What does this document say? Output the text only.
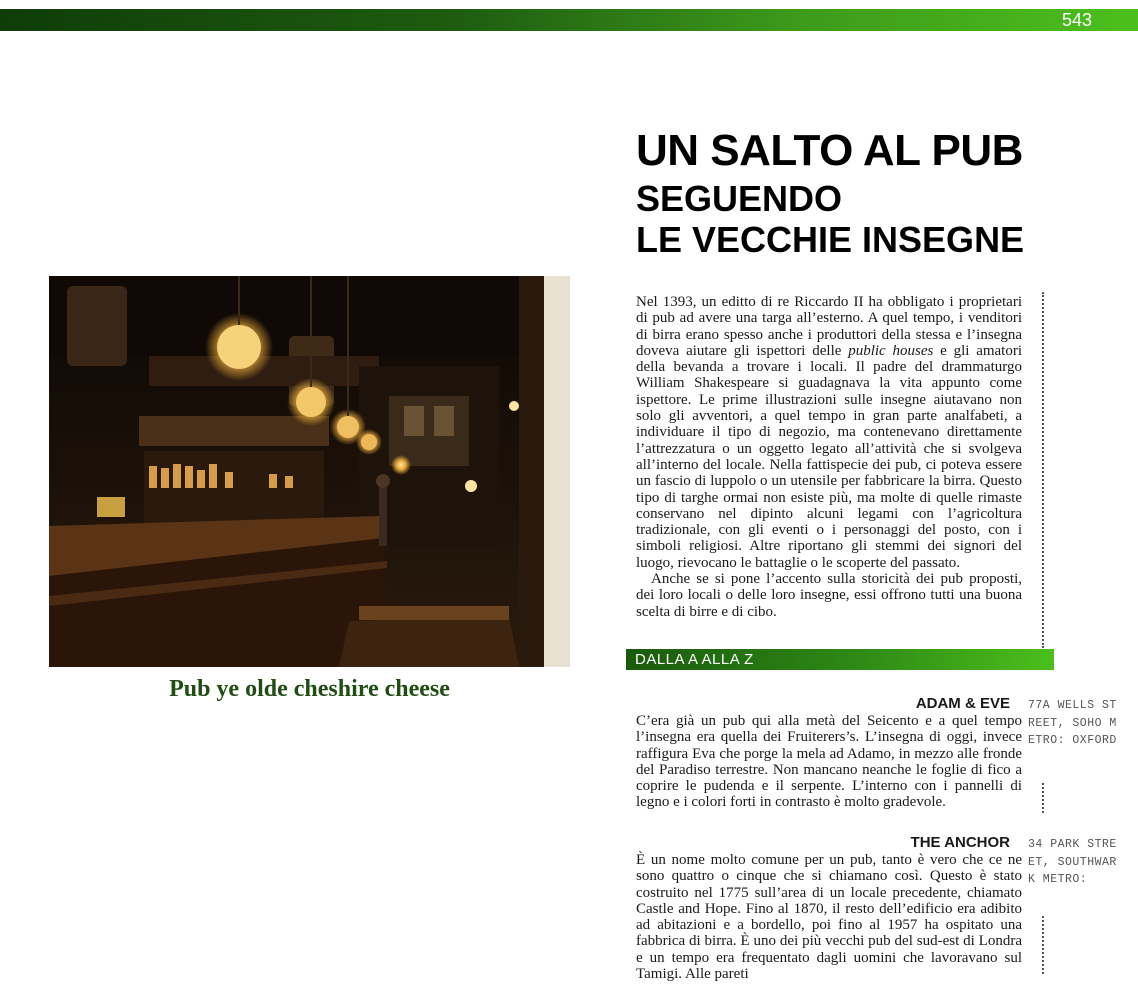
543
Pub ye olde cheshire cheese
UN SALTO AL PUB
SEGUENDO
LE VECCHIE INSEGNE

Nel 1393, un editto di re Riccardo II ha obbligato i proprietari di pub ad avere una targa all’esterno. A quel tempo, i venditori di birra erano spesso anche i produttori della stessa e l’insegna doveva aiutare gli ispettori delle public houses e gli amatori della bevanda a trovare i locali. Il padre del drammaturgo William Shakespeare si guadagnava la vita appunto come ispettore. Le prime illustrazioni sulle insegne aiutavano non solo gli avventori, a quel tempo in gran parte analfabeti, a individuare il tipo di negozio, ma contenevano direttamente l’attrezzatura o un oggetto legato all’attività che si svolgeva all’interno del locale. Nella fattispecie dei pub, ci poteva essere un fascio di luppolo o un utensile per fabbricare la birra. Questo tipo di targhe ormai non esiste più, ma molte di quelle rimaste conservano nel dipinto alcuni legami con l’agricoltura tradizionale, con gli eventi o i personaggi del posto, con i simboli religiosi. Altre riportano gli stemmi dei signori del luogo, rievocano le battaglie o le scoperte del passato.

Anche se si pone l’accento sulla storicità dei pub proposti, dei loro locali o delle loro insegne, essi offrono tutti una buona scelta di birre e di cibo.

DALLA A ALLA Z
ADAM & EVE

C’era già un pub qui alla metà del Seicento e a quel tempo l’insegna era quella dei Fruiterers’s. L’insegna di oggi, invece raffigura Eva che porge la mela ad Adamo, in mezzo alle fronde del Paradiso terrestre. Non mancano neanche le foglie di fico a coprire le pudenda e il serpente. L’interno con i pannelli di legno e i colori forti in contrasto è molto gradevole.

77A WELLS STREET, SOHO METRO: OXFORD

THE ANCHOR

È un nome molto comune per un pub, tanto è vero che ce ne sono quattro o cinque che si chiamano così. Questo è stato costruito nel 1775 sull’area di un locale precedente, chiamato Castle and Hope. Fino al 1870, il resto dell’edificio era adibito ad abitazioni e a bordello, poi fino al 1957 ha ospitato una fabbrica di birra. È uno dei più vecchi pub del sud-est di Londra e un tempo era frequentato dagli uomini che lavoravano sul Tamigi. Alle pareti

34 PARK STREET, SOUTHWARK METRO:
